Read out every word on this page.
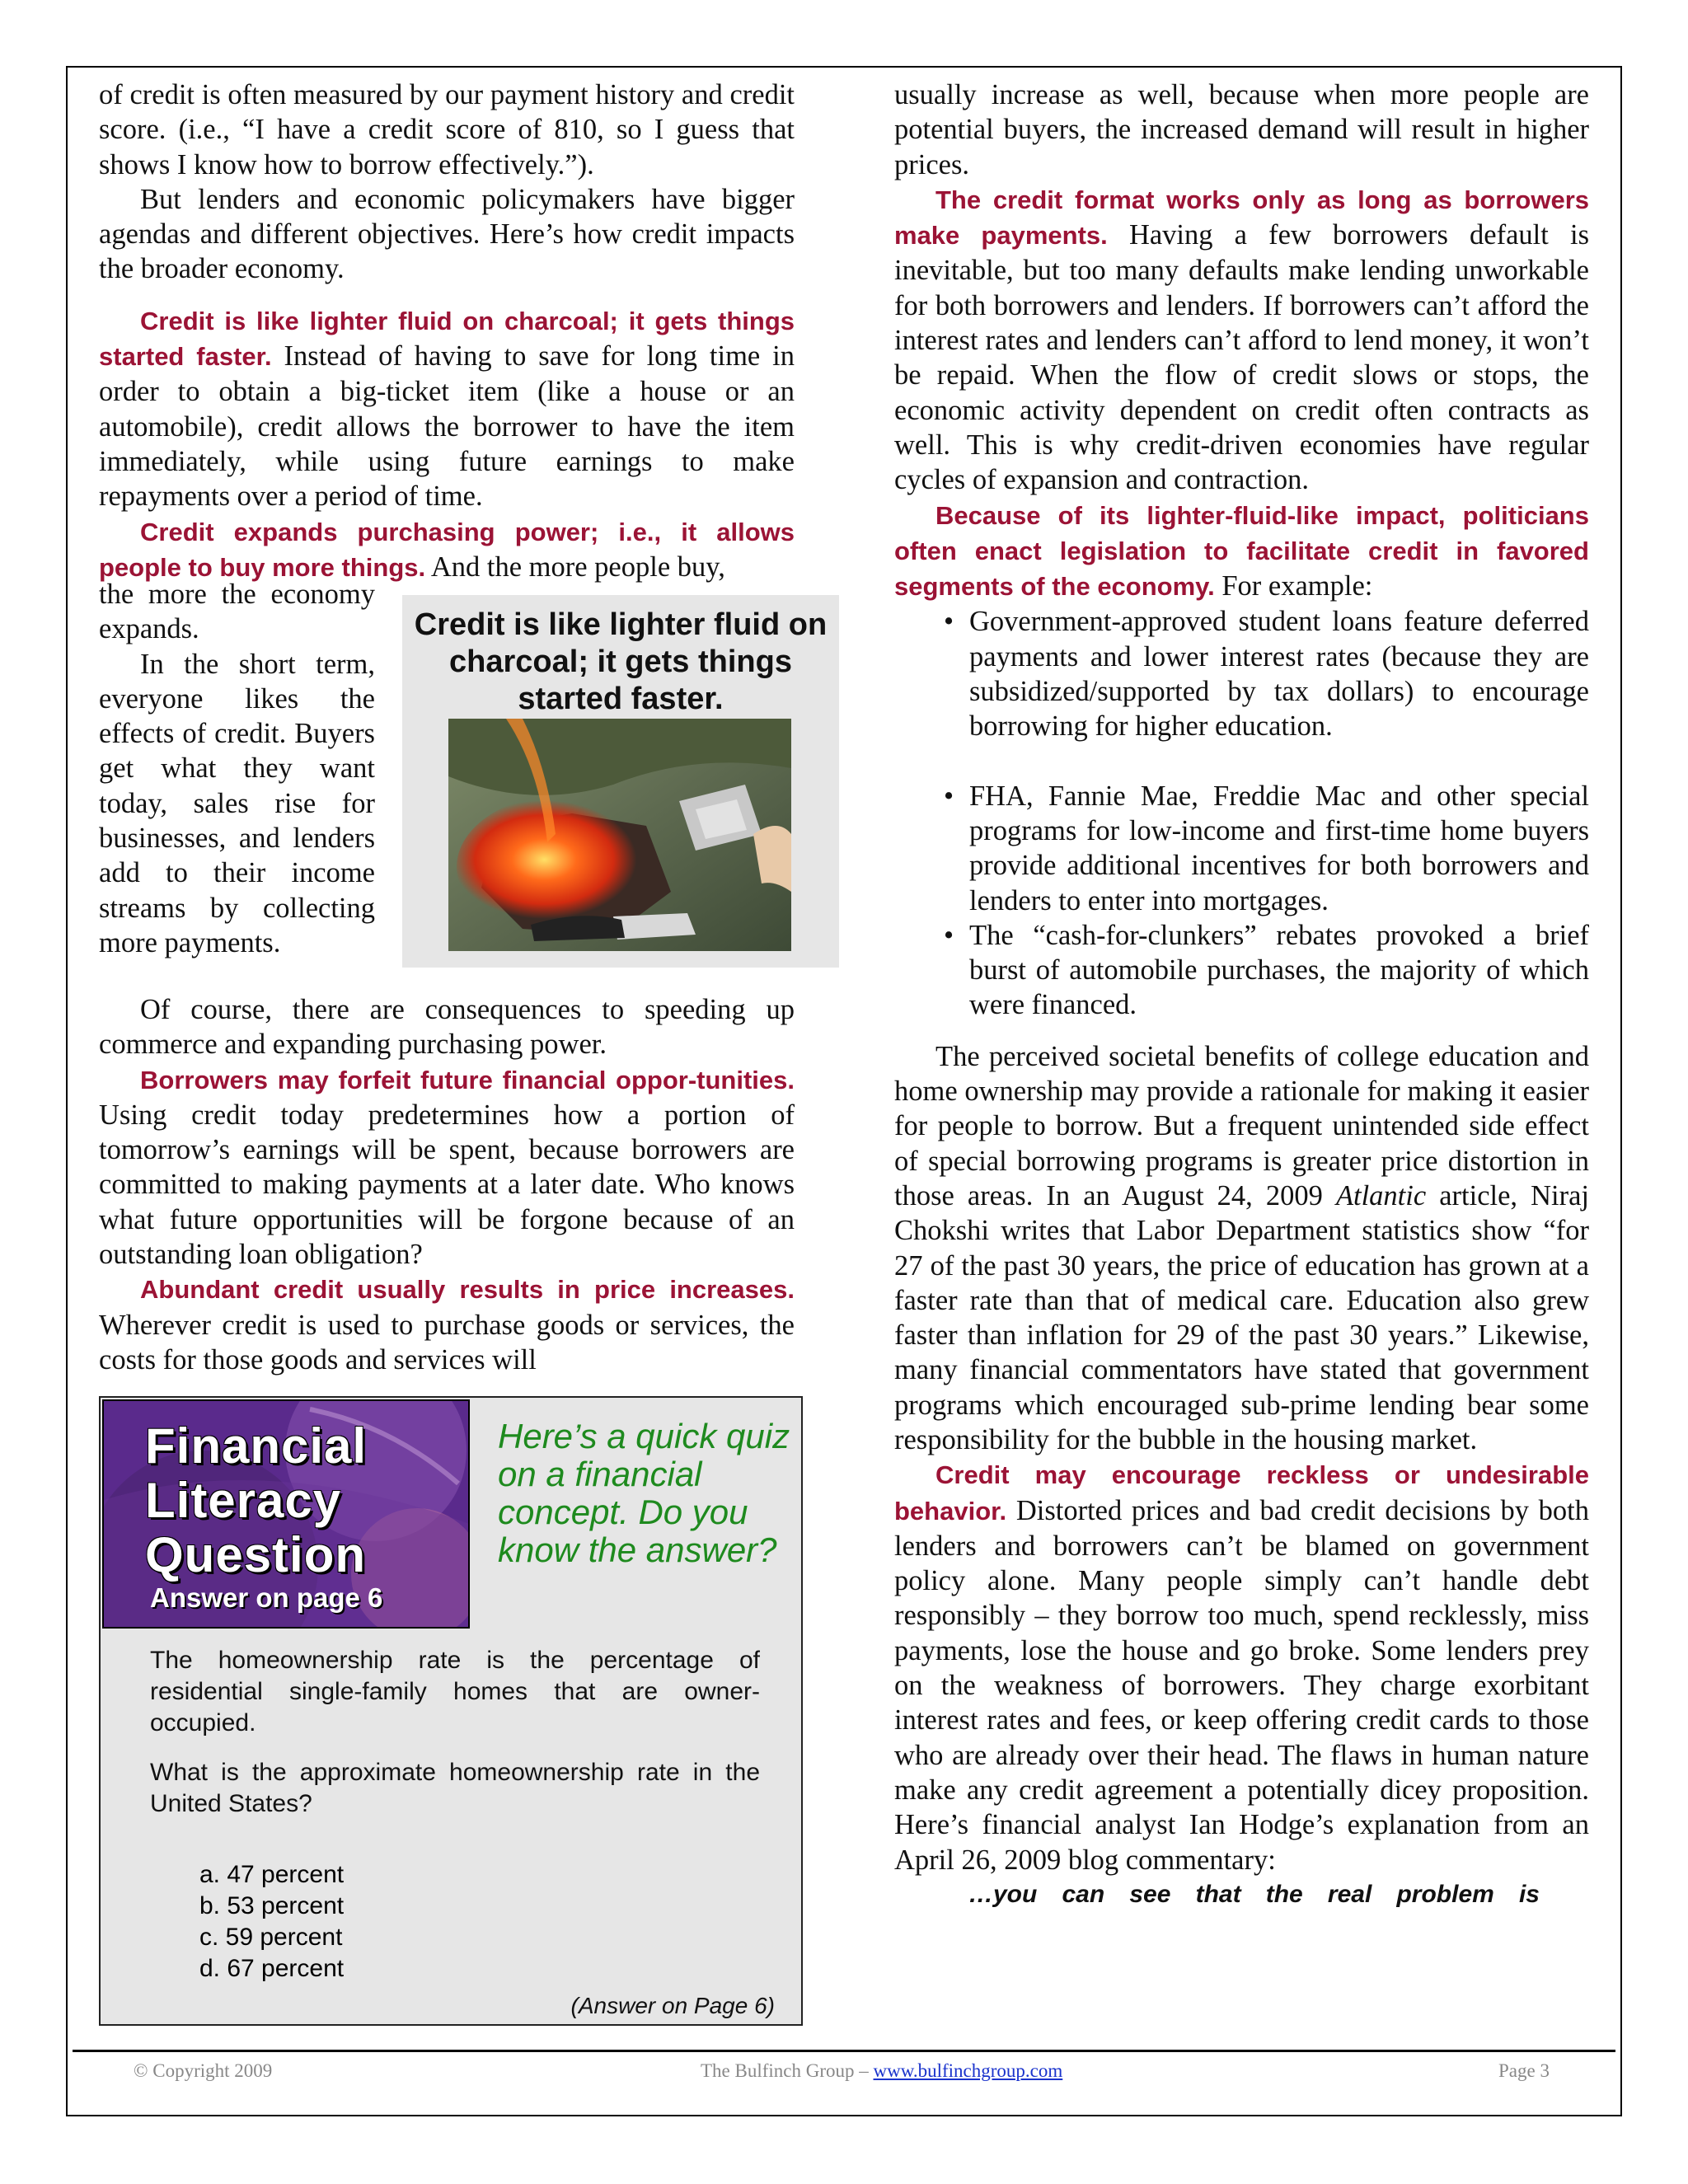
of credit is often measured by our payment history and credit score. (i.e., “I have a credit score of 810, so I guess that shows I know how to borrow effectively.”).

But lenders and economic policymakers have bigger agendas and different objectives. Here’s how credit impacts the broader economy.

Credit is like lighter fluid on charcoal; it gets things started faster. Instead of having to save for long time in order to obtain a big-ticket item (like a house or an automobile), credit allows the borrower to have the item immediately, while using future earnings to make repayments over a period of time.

Credit expands purchasing power; i.e., it allows people to buy more things. And the more people buy,

the more the economy expands.

In the short term, everyone likes the effects of credit. Buyers get what they want today, sales rise for businesses, and lenders add to their income streams by collecting more payments.

Of course, there are consequences to speeding up commerce and expanding purchasing power.

Borrowers may forfeit future financial oppor-tunities. Using credit today predetermines how a portion of tomorrow’s earnings will be spent, because borrowers are committed to making payments at a later date. Who knows what future opportunities will be forgone because of an outstanding loan obligation?

Abundant credit usually results in price increases. Wherever credit is used to purchase goods or services, the costs for those goods and services will

Credit is like lighter fluid on charcoal; it gets things started faster.
Financial
Literacy
Question
Answer on page 6
Here’s a quick quiz on a financial concept. Do you know the answer?

The homeownership rate is the percentage of residential single-family homes that are owner-occupied.

What is the approximate homeownership rate in the United States?

a. 47 percent
b. 53 percent
c. 59 percent
d. 67 percent
(Answer on Page 6)

usually increase as well, because when more people are potential buyers, the increased demand will result in higher prices.

The credit format works only as long as borrowers make payments. Having a few borrowers default is inevitable, but too many defaults make lending unworkable for both borrowers and lenders. If borrowers can’t afford the interest rates and lenders can’t afford to lend money, it won’t be repaid. When the flow of credit slows or stops, the economic activity dependent on credit often contracts as well. This is why credit-driven economies have regular cycles of expansion and contraction.

Because of its lighter-fluid-like impact, politicians often enact legislation to facilitate credit in favored segments of the economy. For example:

• Government-approved student loans feature deferred payments and lower interest rates (because they are subsidized/supported by tax dollars) to encourage borrowing for higher education.
• FHA, Fannie Mae, Freddie Mac and other special programs for low-income and first-time home buyers provide additional incentives for both borrowers and lenders to enter into mortgages.
• The “cash-for-clunkers” rebates provoked a brief burst of automobile purchases, the majority of which were financed.

The perceived societal benefits of college education and home ownership may provide a rationale for making it easier for people to borrow. But a frequent unintended side effect of special borrowing programs is greater price distortion in those areas. In an August 24, 2009 Atlantic article, Niraj Chokshi writes that Labor Department statistics show “for 27 of the past 30 years, the price of education has grown at a faster rate than that of medical care. Education also grew faster than inflation for 29 of the past 30 years.” Likewise, many financial commentators have stated that government programs which encouraged sub-prime lending bear some responsibility for the bubble in the housing market.

Credit may encourage reckless or undesirable behavior. Distorted prices and bad credit decisions by both lenders and borrowers can’t be blamed on government policy alone. Many people simply can’t handle debt responsibly – they borrow too much, spend recklessly, miss payments, lose the house and go broke. Some lenders prey on the weakness of borrowers. They charge exorbitant interest rates and fees, or keep offering credit cards to those who are already over their head. The flaws in human nature make any credit agreement a potentially dicey proposition. Here’s financial analyst Ian Hodge’s explanation from an April 26, 2009 blog commentary:

…you can see that the real problem is

© Copyright 2009	The Bulfinch Group – www.bulfinchgroup.com	Page 3
